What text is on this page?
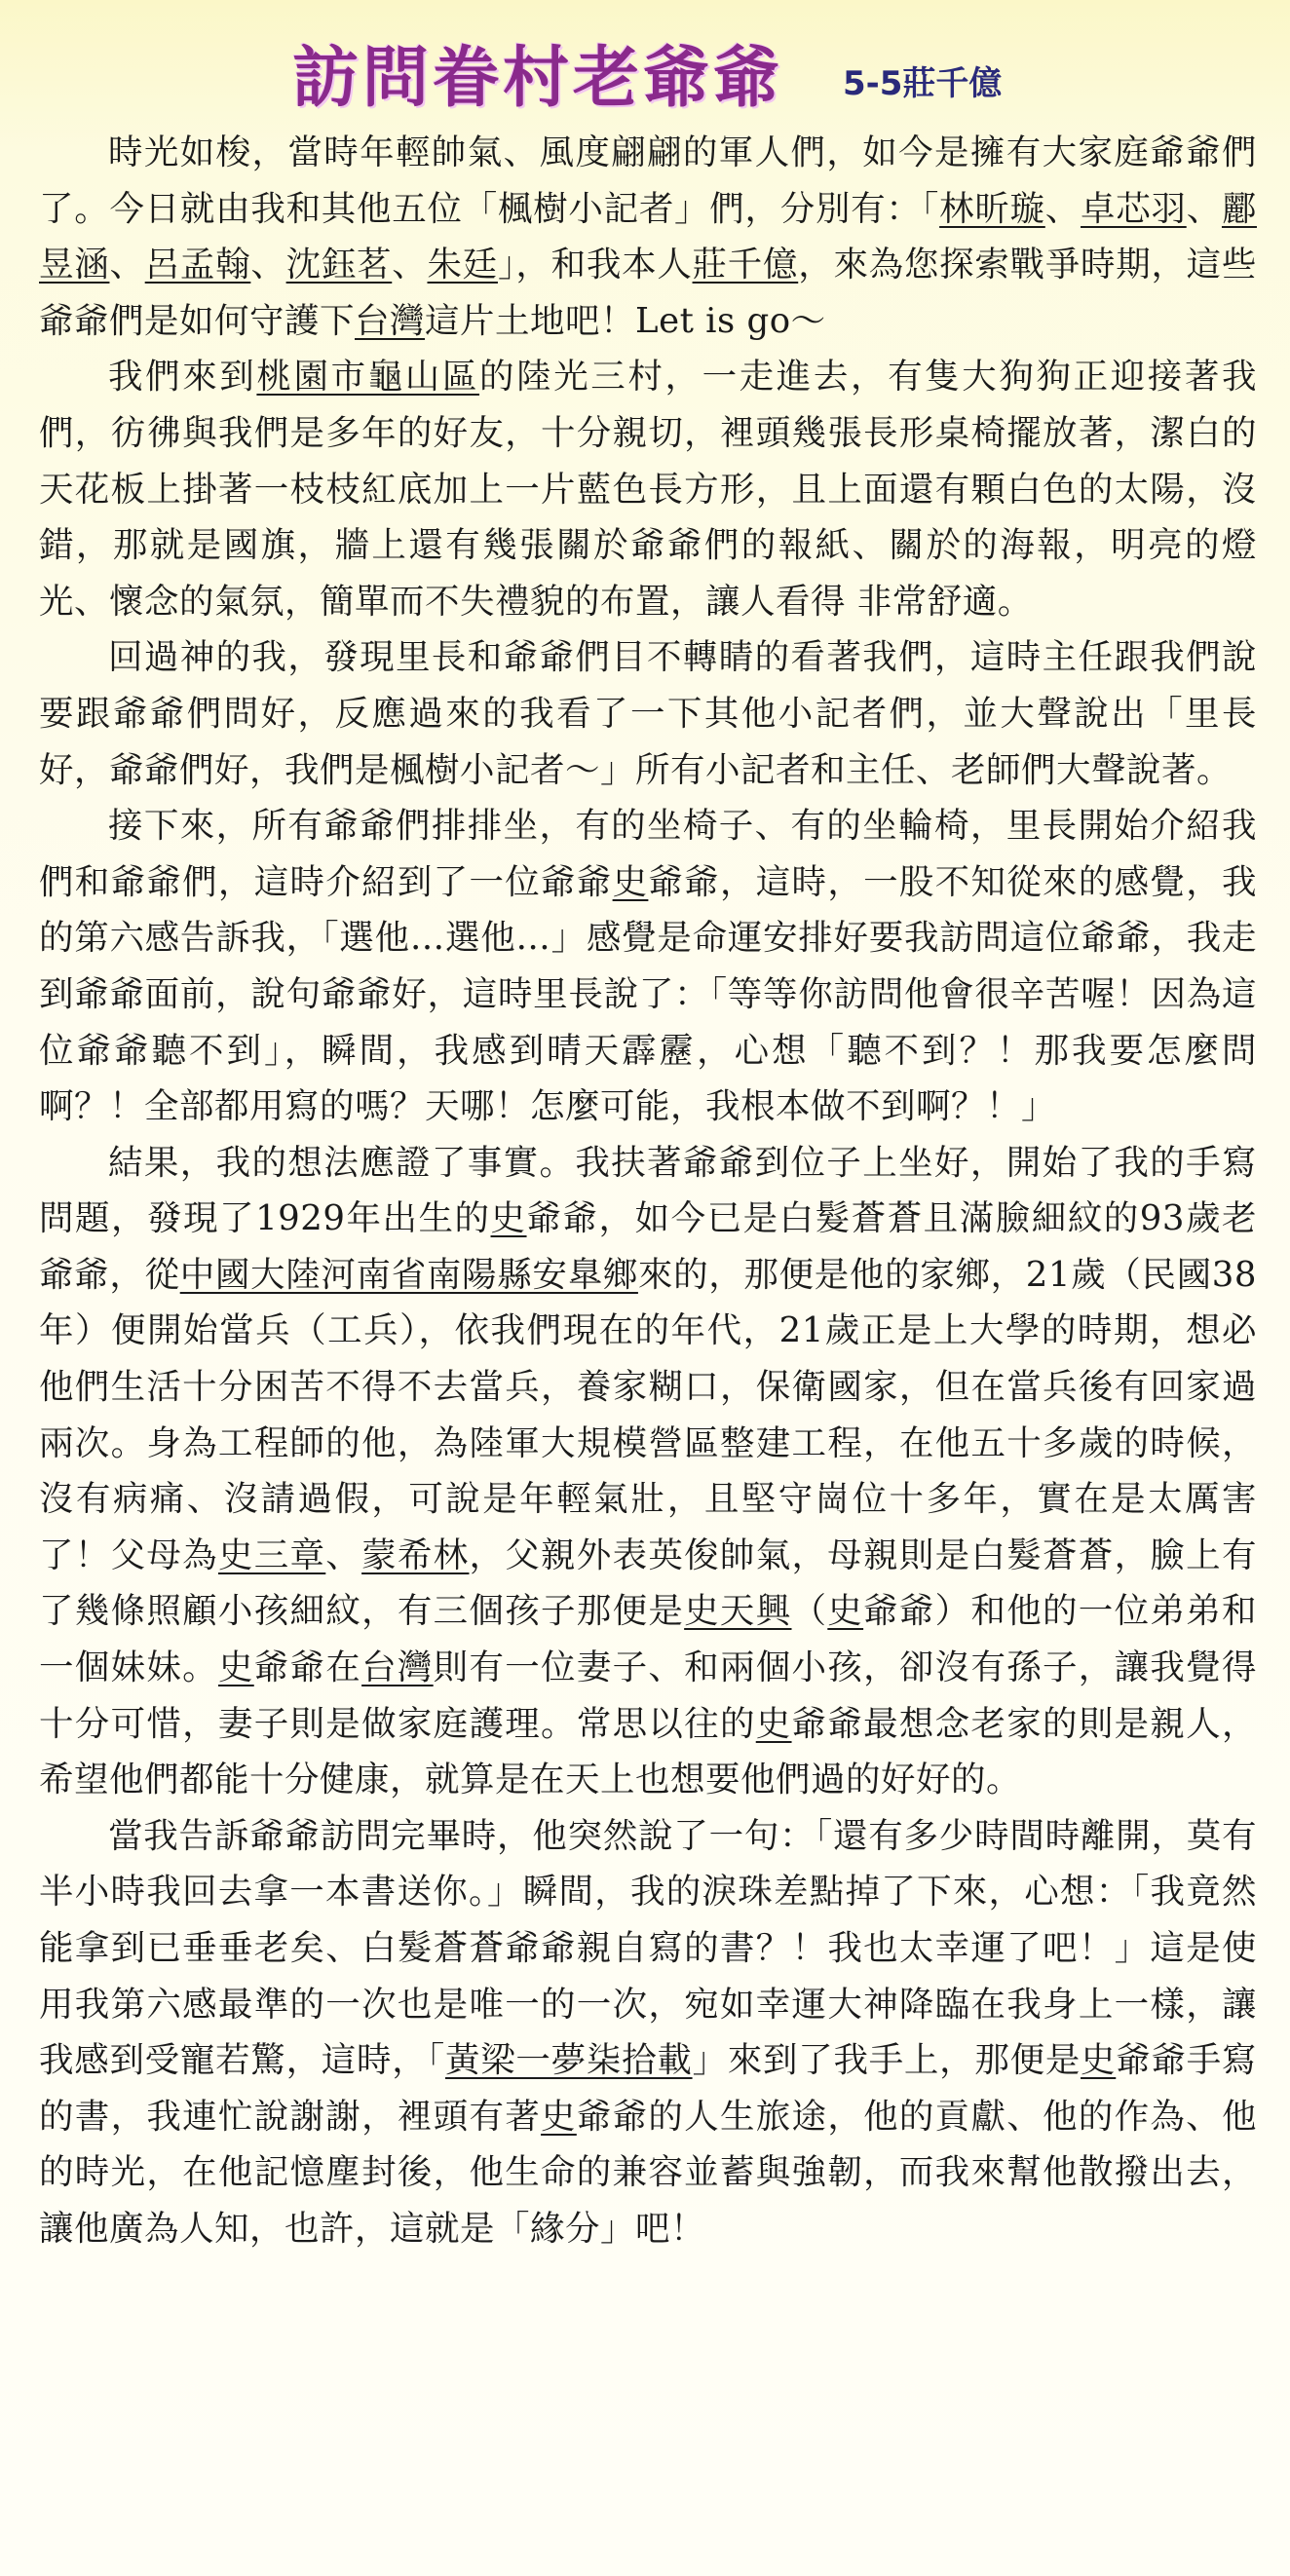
訪問眷村老爺爺 5-5莊千億

時光如梭，當時年輕帥氣、風度翩翩的軍人們，如今是擁有大家庭爺爺們了。今日就由我和其他五位「楓樹小記者」們，分別有：「林昕璇、卓芯羽、酈昱涵、呂孟翰、沈鈺茗、朱廷」，和我本人莊千億，來為您探索戰爭時期，這些爺爺們是如何守護下台灣這片土地吧！Let is go～

我們來到桃園市龜山區的陸光三村，一走進去，有隻大狗狗正迎接著我們，彷彿與我們是多年的好友，十分親切，裡頭幾張長形桌椅擺放著，潔白的天花板上掛著一枝枝紅底加上一片藍色長方形，且上面還有顆白色的太陽，沒錯，那就是國旗，牆上還有幾張關於爺爺們的報紙、關於的海報，明亮的燈光、懷念的氣氛，簡單而不失禮貌的布置，讓人看得 非常舒適。

回過神的我，發現里長和爺爺們目不轉睛的看著我們，這時主任跟我們說要跟爺爺們問好，反應過來的我看了一下其他小記者們，並大聲說出「里長好，爺爺們好，我們是楓樹小記者～」所有小記者和主任、老師們大聲說著。

接下來，所有爺爺們排排坐，有的坐椅子、有的坐輪椅，里長開始介紹我們和爺爺們，這時介紹到了一位爺爺史爺爺，這時，一股不知從來的感覺，我的第六感告訴我，「選他…選他…」感覺是命運安排好要我訪問這位爺爺，我走到爺爺面前，說句爺爺好，這時里長說了：「等等你訪問他會很辛苦喔！因為這位爺爺聽不到」，瞬間，我感到晴天霹靂，心想「聽不到？！那我要怎麼問啊？！全部都用寫的嗎？天哪！怎麼可能，我根本做不到啊？！」

結果，我的想法應證了事實。我扶著爺爺到位子上坐好，開始了我的手寫問題，發現了1929年出生的史爺爺，如今已是白髮蒼蒼且滿臉細紋的93歲老爺爺，從中國大陸河南省南陽縣安臯鄉來的，那便是他的家鄉，21歲（民國38年）便開始當兵（工兵），依我們現在的年代，21歲正是上大學的時期，想必他們生活十分困苦不得不去當兵，養家糊口，保衛國家，但在當兵後有回家過兩次。身為工程師的他，為陸軍大規模營區整建工程，在他五十多歲的時候，沒有病痛、沒請過假，可說是年輕氣壯，且堅守崗位十多年，實在是太厲害了！父母為史三章、蒙希林，父親外表英俊帥氣，母親則是白髮蒼蒼，臉上有了幾條照顧小孩細紋，有三個孩子那便是史天興（史爺爺）和他的一位弟弟和一個妹妹。史爺爺在台灣則有一位妻子、和兩個小孩，卻沒有孫子，讓我覺得十分可惜，妻子則是做家庭護理。常思以往的史爺爺最想念老家的則是親人，希望他們都能十分健康，就算是在天上也想要他們過的好好的。

當我告訴爺爺訪問完畢時，他突然說了一句：「還有多少時間時離開，莫有半小時我回去拿一本書送你。」瞬間，我的淚珠差點掉了下來，心想：「我竟然能拿到已垂垂老矣、白髮蒼蒼爺爺親自寫的書？！我也太幸運了吧！」這是使用我第六感最準的一次也是唯一的一次，宛如幸運大神降臨在我身上一樣，讓我感到受寵若驚，這時，「黃梁一夢柒拾載」來到了我手上，那便是史爺爺手寫的書，我連忙說謝謝，裡頭有著史爺爺的人生旅途，他的貢獻、他的作為、他的時光，在他記憶塵封後，他生命的兼容並蓄與強韌，而我來幫他散撥出去，讓他廣為人知，也許，這就是「緣分」吧！
